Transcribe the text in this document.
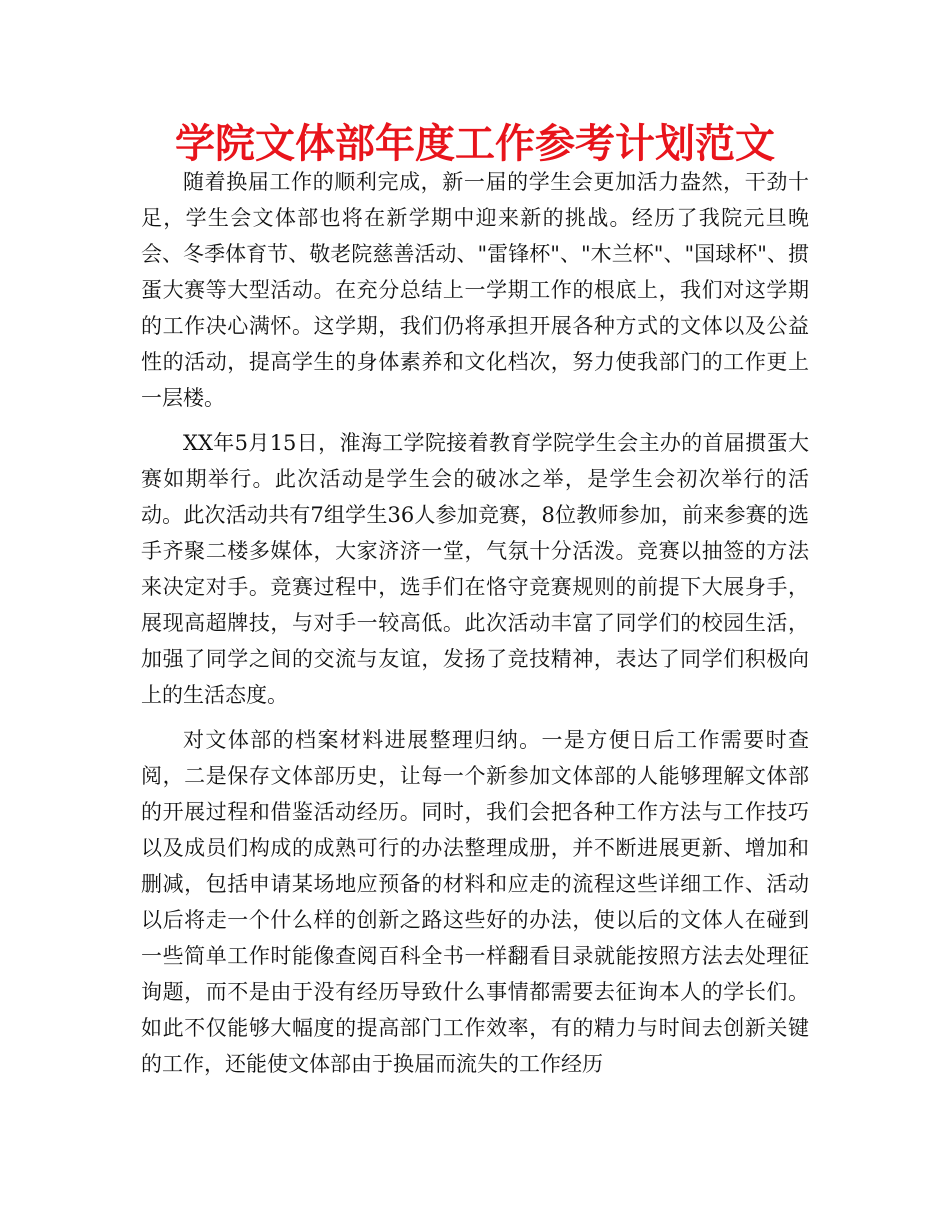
学院文体部年度工作参考计划范文

随着换届工作的顺利完成，新一届的学生会更加活力盎然，干劲十足，学生会文体部也将在新学期中迎来新的挑战。经历了我院元旦晚会、冬季体育节、敬老院慈善活动、"雷锋杯"、"木兰杯"、"国球杯"、掼蛋大赛等大型活动。在充分总结上一学期工作的根底上，我们对这学期的工作决心满怀。这学期，我们仍将承担开展各种方式的文体以及公益性的活动，提高学生的身体素养和文化档次，努力使我部门的工作更上一层楼。

XX年5月15日，淮海工学院接着教育学院学生会主办的首届掼蛋大赛如期举行。此次活动是学生会的破冰之举，是学生会初次举行的活动。此次活动共有7组学生36人参加竞赛，8位教师参加，前来参赛的选手齐聚二楼多媒体，大家济济一堂，气氛十分活泼。竞赛以抽签的方法来决定对手。竞赛过程中，选手们在恪守竞赛规则的前提下大展身手，展现高超牌技，与对手一较高低。此次活动丰富了同学们的校园生活，加强了同学之间的交流与友谊，发扬了竞技精神，表达了同学们积极向上的生活态度。

对文体部的档案材料进展整理归纳。一是方便日后工作需要时查阅，二是保存文体部历史，让每一个新参加文体部的人能够理解文体部的开展过程和借鉴活动经历。同时，我们会把各种工作方法与工作技巧以及成员们构成的成熟可行的办法整理成册，并不断进展更新、增加和删减，包括申请某场地应预备的材料和应走的流程这些详细工作、活动以后将走一个什么样的创新之路这些好的办法，使以后的文体人在碰到一些简单工作时能像查阅百科全书一样翻看目录就能按照方法去处理征询题，而不是由于没有经历导致什么事情都需要去征询本人的学长们。如此不仅能够大幅度的提高部门工作效率，有的精力与时间去创新关键的工作，还能使文体部由于换届而流失的工作经历
